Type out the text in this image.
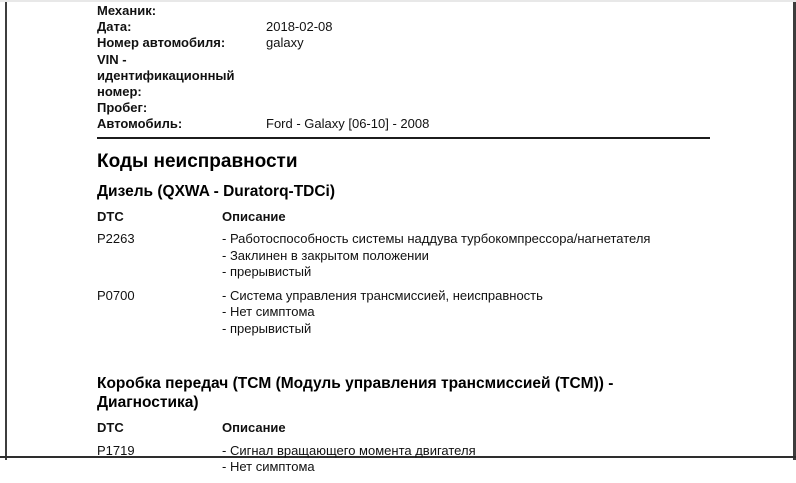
Механик:
Дата:	2018-02-08
Номер автомобиля:	galaxy
VIN - идентификационный номер:
Пробег:
Автомобиль:	Ford - Galaxy [06-10] - 2008
Коды неисправности
Дизель (QXWA - Duratorq-TDCi)
DTC	Описание
P2263	- Работоспособность системы наддува турбокомпрессора/нагнетателя
- Заклинен в закрытом положении
- прерывистый
P0700	- Система управления трансмиссией, неисправность
- Нет симптома
- прерывистый
Коробка передач (TCM (Модуль управления трансмиссией (TCM)) - Диагностика)
DTC	Описание
P1719	- Сигнал вращающего момента двигателя
- Нет симптома
